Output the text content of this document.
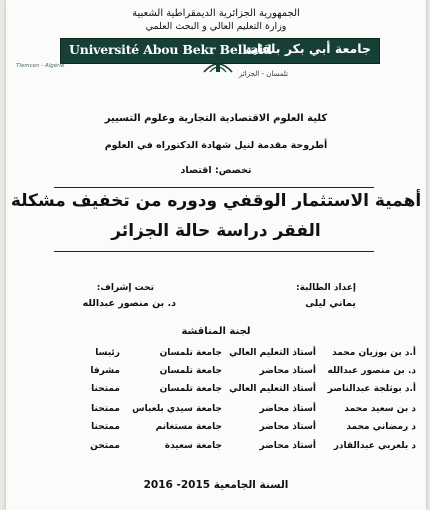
الجمهورية الجزائرية الديمقراطية الشعبية
وزارة التعليم العالي و البحث العلمي
Université Abou Bekr Belkaid
جامعة أبي بكر بلقايد
Tlemcen - Algérie
تلمسان - الجزائر
كلية العلوم الاقتصادية التجارية وعلوم التسيير
أطروحة مقدمة لنيل شهادة الدكتوراه في العلوم
تخصص: اقتصاد
أهمية الاستثمار الوقفي ودوره من تخفيف مشكلة
الفقر دراسة حالة الجزائر
إعداد الطالبة:
تحت إشراف:
يماني ليلى
د. بن منصور عبدالله
لجنة المناقشة
أ.د بن بوزيان محمد
أستاذ التعليم العالي
جامعة تلمسان
رئيسا
د. بن منصور عبدالله
أستاذ محاضر
جامعة تلمسان
مشرفا
أ.د بوثلجة عبدالناصر
أستاذ التعليم العالي
جامعة تلمسان
ممتحنا
د بن سعيد محمد
أستاذ محاضر
جامعة سيدي بلعباس
ممتحنا
د رمضاني محمد
أستاذ محاضر
جامعة مستغانم
ممتحنا
د بلعربي عبدالقادر
أستاذ محاضر
جامعة سعيدة
ممتحن
السنة الجامعية 2015- 2016
